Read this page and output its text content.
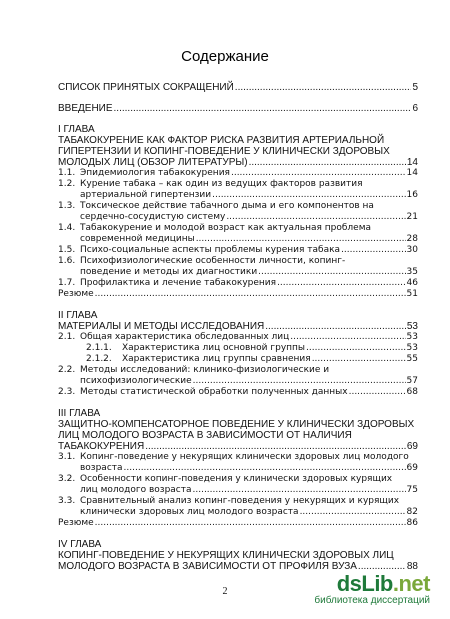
Содержание
СПИСОК ПРИНЯТЫХ СОКРАЩЕНИЙ .....	5
ВВЕДЕНИЕ .....	6
I ГЛАВА
ТАБАКОКУРЕНИЕ КАК ФАКТОР РИСКА РАЗВИТИЯ АРТЕРИАЛЬНОЙ
ГИПЕРТЕНЗИИ И КОПИНГ-ПОВЕДЕНИЕ У КЛИНИЧЕСКИ ЗДОРОВЫХ
МОЛОДЫХ ЛИЦ (ОБЗОР ЛИТЕРАТУРЫ) .....	14
1.1. Эпидемиология табакокурения .....	14
1.2. Курение табака – как один из ведущих факторов развития
артериальной гипертензии .....	16
1.3. Токсическое действие табачного дыма и его компонентов на
сердечно-сосудистую систему .....	21
1.4. Табакокурение и молодой возраст как актуальная проблема
современной медицины .....	28
1.5. Психо-социальные аспекты проблемы курения табака .....	30
1.6. Психофизиологические особенности личности, копинг-
поведение и методы их диагностики .....	35
1.7. Профилактика и лечение табакокурения .....	46
Резюме .....	51
II ГЛАВА
МАТЕРИАЛЫ И МЕТОДЫ ИССЛЕДОВАНИЯ .....	53
2.1. Общая характеристика обследованных лиц .....	53
2.1.1.	Характеристика лиц основной группы .....	53
2.1.2.	Характеристика лиц группы сравнения .....	55
2.2. Методы исследований: клинико-физиологические и
психофизиологические .....	57
2.3. Методы статистической обработки полученных данных .....	68
III ГЛАВА
ЗАЩИТНО-КОМПЕНСАТОРНОЕ ПОВЕДЕНИЕ У КЛИНИЧЕСКИ ЗДОРОВЫХ
ЛИЦ МОЛОДОГО ВОЗРАСТА В ЗАВИСИМОСТИ ОТ НАЛИЧИЯ
ТАБАКОКУРЕНИЯ .....	69
3.1. Копинг-поведение у некурящих клинически здоровых лиц молодого
возраста .....	69
3.2. Особенности копинг-поведения у клинически здоровых курящих
лиц молодого возраста .....	75
3.3. Сравнительный анализ копинг-поведения у некурящих и курящих
клинически здоровых лиц молодого возраста .....	82
Резюме .....	86
IV ГЛАВА
КОПИНГ-ПОВЕДЕНИЕ У НЕКУРЯЩИХ КЛИНИЧЕСКИ ЗДОРОВЫХ ЛИЦ
МОЛОДОГО ВОЗРАСТА В ЗАВИСИМОСТИ ОТ ПРОФИЛЯ ВУЗА .....	88
2	dsLib.net
библиотека диссертаций
